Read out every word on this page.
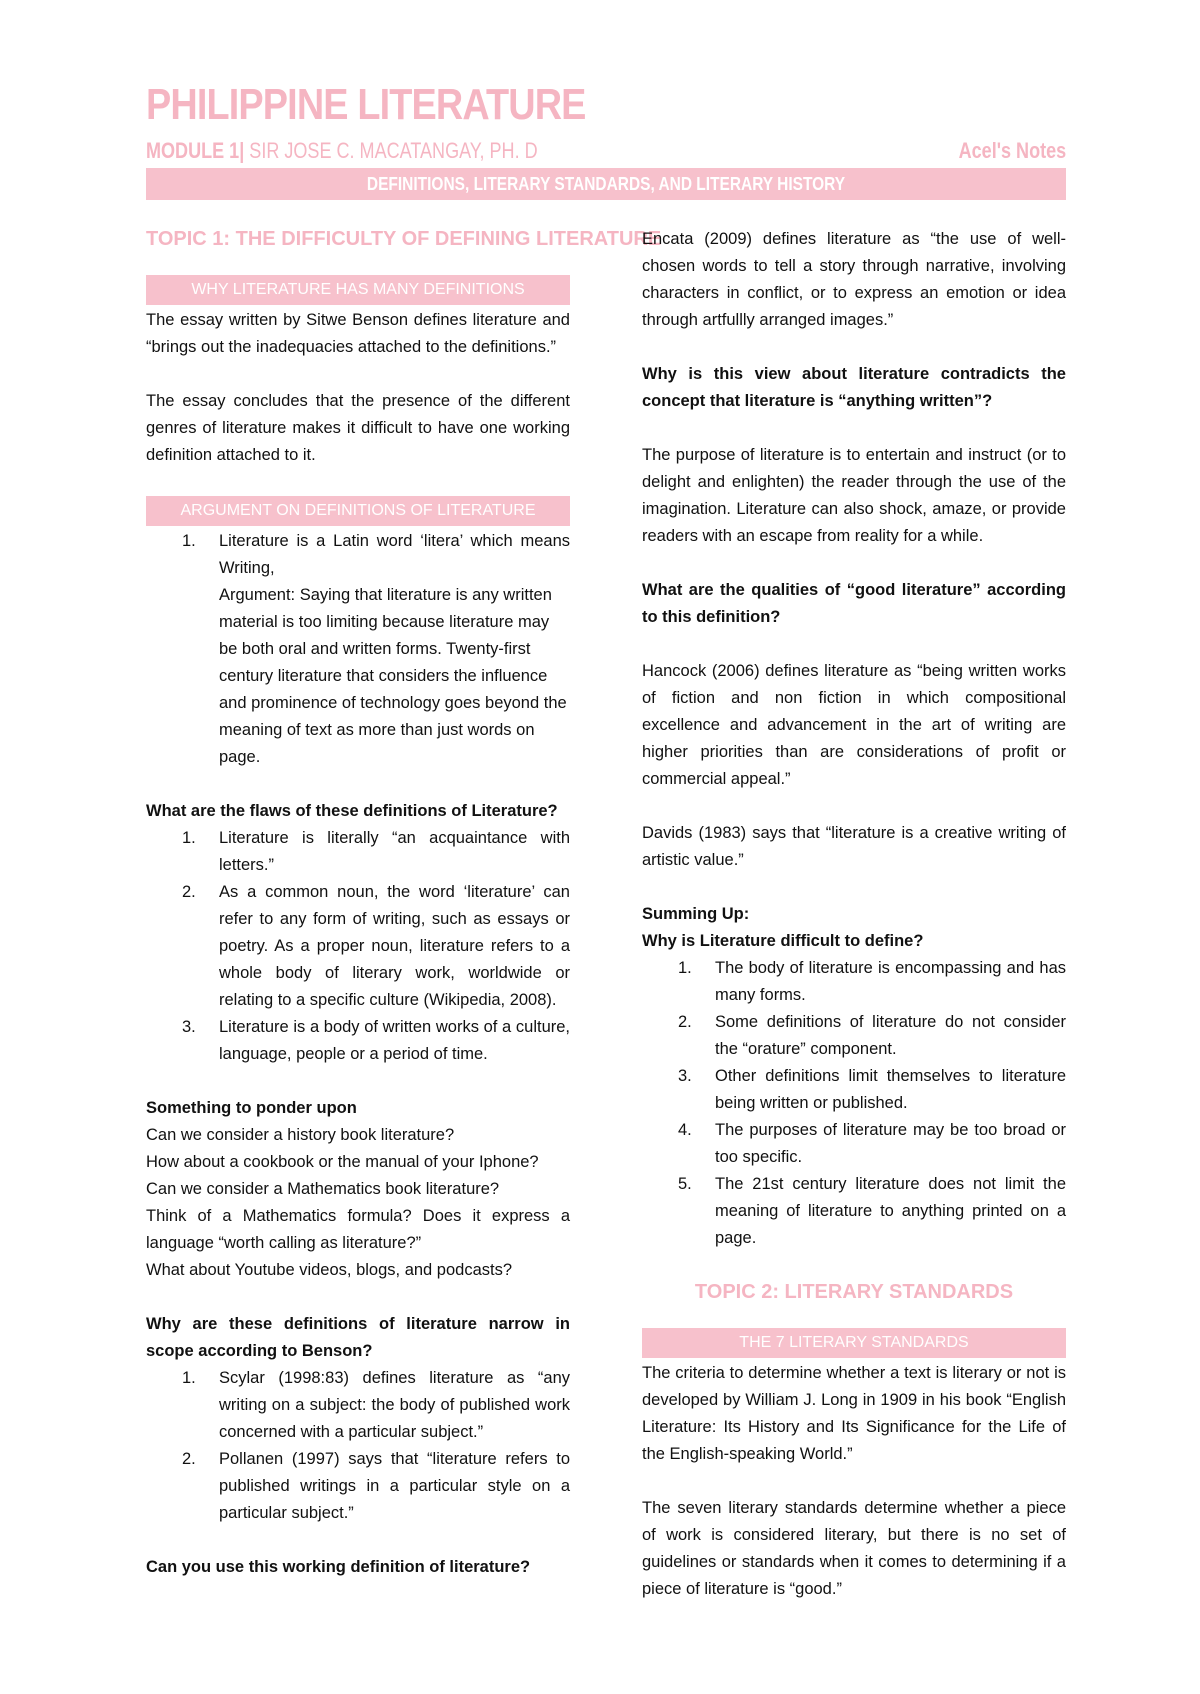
PHILIPPINE LITERATURE
MODULE 1| SIR JOSE C. MACATANGAY, PH. D	Acel's Notes
DEFINITIONS, LITERARY STANDARDS, AND LITERARY HISTORY
TOPIC 1: THE DIFFICULTY OF DEFINING LITERATURE
WHY LITERATURE HAS MANY DEFINITIONS

The essay written by Sitwe Benson defines literature and “brings out the inadequacies attached to the definitions.”

The essay concludes that the presence of the different genres of literature makes it difficult to have one working definition attached to it.

ARGUMENT ON DEFINITIONS OF LITERATURE
1. Literature is a Latin word ‘litera’ which means Writing,
Argument: Saying that literature is any written material is too limiting because literature may be both oral and written forms. Twenty-first century literature that considers the influence and prominence of technology goes beyond the meaning of text as more than just words on page.

What are the flaws of these definitions of Literature?

1. Literature is literally “an acquaintance with letters.”
2. As a common noun, the word ‘literature’ can refer to any form of writing, such as essays or poetry. As a proper noun, literature refers to a whole body of literary work, worldwide or relating to a specific culture (Wikipedia, 2008).
3. Literature is a body of written works of a culture, language, people or a period of time.

Something to ponder upon

Can we consider a history book literature?

How about a cookbook or the manual of your Iphone?

Can we consider a Mathematics book literature?

Think of a Mathematics formula? Does it express a language “worth calling as literature?”

What about Youtube videos, blogs, and podcasts?

Why are these definitions of literature narrow in scope according to Benson?

1. Scylar (1998:83) defines literature as “any writing on a subject: the body of published work concerned with a particular subject.”
2. Pollanen (1997) says that “literature refers to published writings in a particular style on a particular subject.”

Can you use this working definition of literature?

Encata (2009) defines literature as “the use of well-chosen words to tell a story through narrative, involving characters in conflict, or to express an emotion or idea through artfullly arranged images.”

Why is this view about literature contradicts the concept that literature is “anything written”?

The purpose of literature is to entertain and instruct (or to delight and enlighten) the reader through the use of the imagination. Literature can also shock, amaze, or provide readers with an escape from reality for a while.

What are the qualities of “good literature” according to this definition?

Hancock (2006) defines literature as “being written works of fiction and non fiction in which compositional excellence and advancement in the art of writing are higher priorities than are considerations of profit or commercial appeal.”

Davids (1983) says that “literature is a creative writing of artistic value.”

Summing Up:

Why is Literature difficult to define?

1. The body of literature is encompassing and has many forms.
2. Some definitions of literature do not consider the “orature” component.
3. Other definitions limit themselves to literature being written or published.
4. The purposes of literature may be too broad or too specific.
5. The 21st century literature does not limit the meaning of literature to anything printed on a page.
TOPIC 2: LITERARY STANDARDS
THE 7 LITERARY STANDARDS

The criteria to determine whether a text is literary or not is developed by William J. Long in 1909 in his book “English Literature: Its History and Its Significance for the Life of the English-speaking World.”

The seven literary standards determine whether a piece of work is considered literary, but there is no set of guidelines or standards when it comes to determining if a piece of literature is “good.”
